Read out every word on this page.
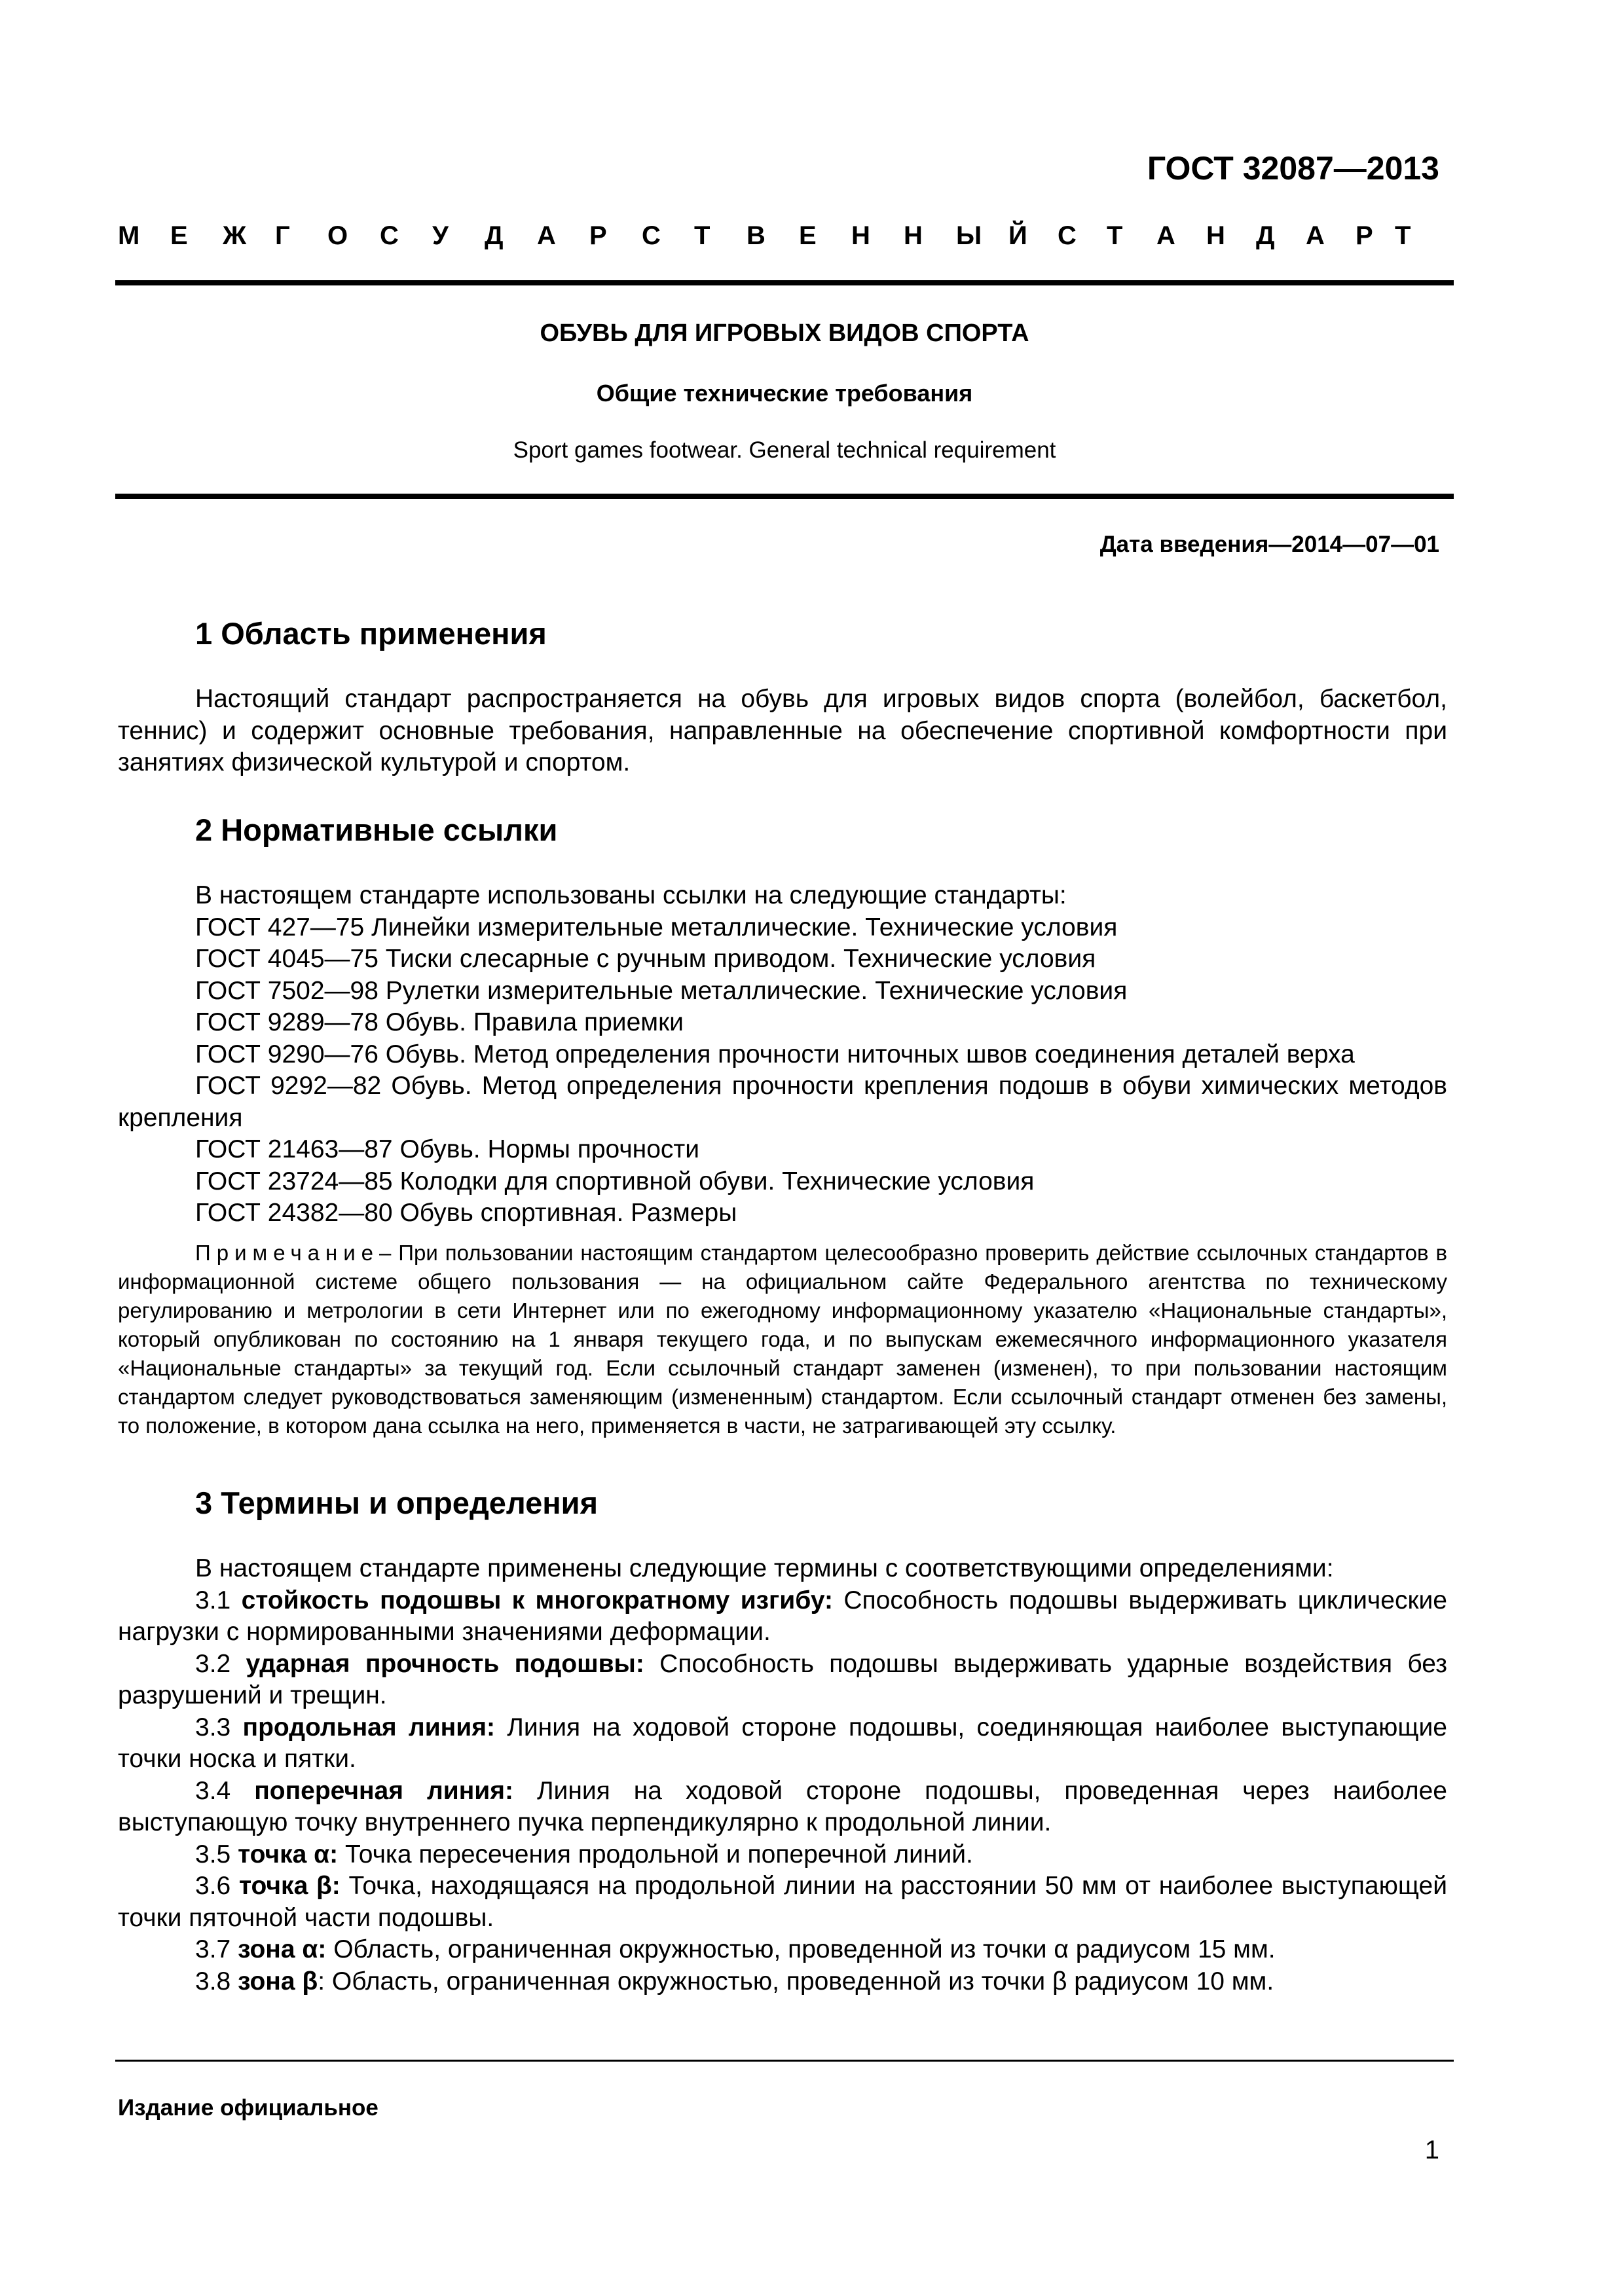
ГОСТ 32087—2013
М Е Ж Г О С У Д А Р С Т В Е Н Н Ы Й С Т А Н Д А Р Т
ОБУВЬ ДЛЯ ИГРОВЫХ ВИДОВ СПОРТА
Общие технические требования
Sport games footwear. General technical requirement
Дата введения—2014—07—01
1 Область применения

Настоящий стандарт распространяется на обувь для игровых видов спорта (волейбол, баскетбол, теннис) и содержит основные требования, направленные на обеспечение спортивной комфортности при занятиях физической культурой и спортом.

2 Нормативные ссылки
В настоящем стандарте использованы ссылки на следующие стандарты:
ГОСТ 427—75 Линейки измерительные металлические. Технические условия
ГОСТ 4045—75 Тиски слесарные с ручным приводом. Технические условия
ГОСТ 7502—98 Рулетки измерительные металлические. Технические условия
ГОСТ 9289—78 Обувь. Правила приемки
ГОСТ 9290—76 Обувь. Метод определения прочности ниточных швов соединения деталей верха

ГОСТ 9292—82 Обувь. Метод определения прочности крепления подошв в обуви химических методов крепления

ГОСТ 21463—87 Обувь. Нормы прочности
ГОСТ 23724—85 Колодки для спортивной обуви. Технические условия
ГОСТ 24382—80 Обувь спортивная. Размеры

Примечание– При пользовании настоящим стандартом целесообразно проверить действие ссылочных стандартов в информационной системе общего пользования — на официальном сайте Федерального агентства по техническому регулированию и метрологии в сети Интернет или по ежегодному информационному указателю «Национальные стандарты», который опубликован по состоянию на 1 января текущего года, и по выпускам ежемесячного информационного указателя «Национальные стандарты» за текущий год. Если ссылочный стандарт заменен (изменен), то при пользовании настоящим стандартом следует руководствоваться заменяющим (измененным) стандартом. Если ссылочный стандарт отменен без замены, то положение, в котором дана ссылка на него, применяется в части, не затрагивающей эту ссылку.

3 Термины и определения
В настоящем стандарте применены следующие термины с соответствующими определениями:

3.1 стойкость подошвы к многократному изгибу: Способность подошвы выдерживать циклические нагрузки с нормированными значениями деформации.

3.2 ударная прочность подошвы: Способность подошвы выдерживать ударные воздействия без разрушений и трещин.

3.3 продольная линия: Линия на ходовой стороне подошвы, соединяющая наиболее выступающие точки носка и пятки.

3.4 поперечная линия: Линия на ходовой стороне подошвы, проведенная через наиболее выступающую точку внутреннего пучка перпендикулярно к продольной линии.

3.5 точка α: Точка пересечения продольной и поперечной линий.

3.6 точка β: Точка, находящаяся на продольной линии на расстоянии 50 мм от наиболее выступающей точки пяточной части подошвы.

3.7 зона α: Область, ограниченная окружностью, проведенной из точки α радиусом 15 мм.

3.8 зона β: Область, ограниченная окружностью, проведенной из точки β радиусом 10 мм.

Издание официальное
1
